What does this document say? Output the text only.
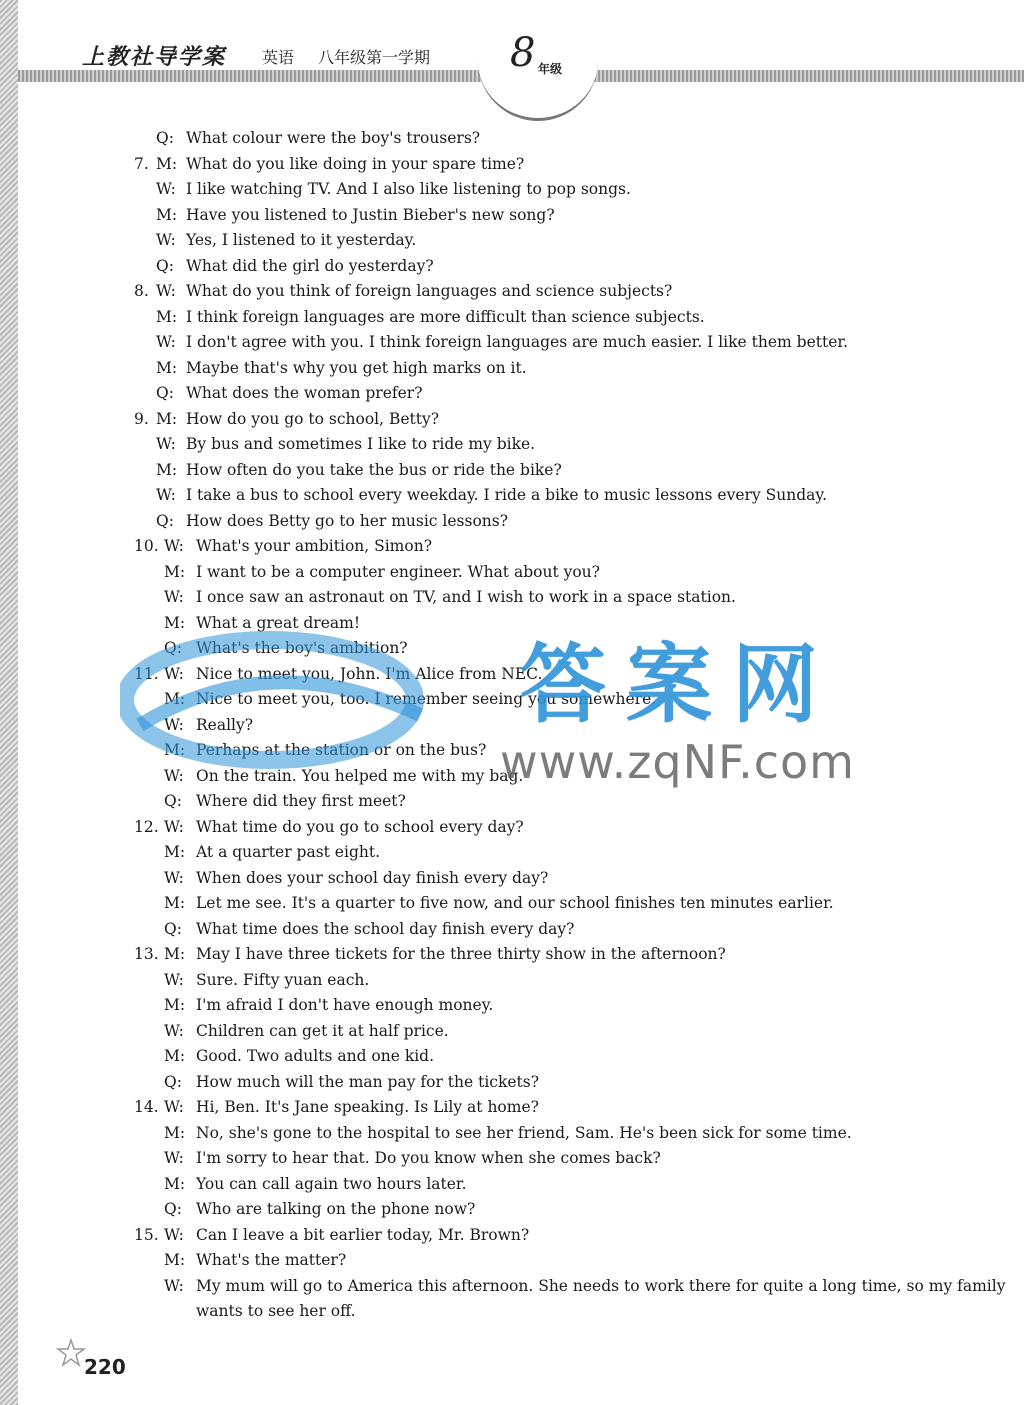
上教社导学案 英语 八年级第一学期 8 年级
Q: What colour were the boy's trousers?
7. M: What do you like doing in your spare time?
W: I like watching TV. And I also like listening to pop songs.
M: Have you listened to Justin Bieber's new song?
W: Yes, I listened to it yesterday.
Q: What did the girl do yesterday?
8. W: What do you think of foreign languages and science subjects?
M: I think foreign languages are more difficult than science subjects.
W: I don't agree with you. I think foreign languages are much easier. I like them better.
M: Maybe that's why you get high marks on it.
Q: What does the woman prefer?
9. M: How do you go to school, Betty?
W: By bus and sometimes I like to ride my bike.
M: How often do you take the bus or ride the bike?
W: I take a bus to school every weekday. I ride a bike to music lessons every Sunday.
Q: How does Betty go to her music lessons?
10. W: What's your ambition, Simon?
M: I want to be a computer engineer. What about you?
W: I once saw an astronaut on TV, and I wish to work in a space station.
M: What a great dream!
Q: What's the boy's ambition?
11. W: Nice to meet you, John. I'm Alice from NEC.
M: Nice to meet you, too. I remember seeing you somewhere.
W: Really?
M: Perhaps at the station or on the bus?
W: On the train. You helped me with my bag.
Q: Where did they first meet?
12. W: What time do you go to school every day?
M: At a quarter past eight.
W: When does your school day finish every day?
M: Let me see. It's a quarter to five now, and our school finishes ten minutes earlier.
Q: What time does the school day finish every day?
13. M: May I have three tickets for the three thirty show in the afternoon?
W: Sure. Fifty yuan each.
M: I'm afraid I don't have enough money.
W: Children can get it at half price.
M: Good. Two adults and one kid.
Q: How much will the man pay for the tickets?
14. W: Hi, Ben. It's Jane speaking. Is Lily at home?
M: No, she's gone to the hospital to see her friend, Sam. He's been sick for some time.
W: I'm sorry to hear that. Do you know when she comes back?
M: You can call again two hours later.
Q: Who are talking on the phone now?
15. W: Can I leave a bit earlier today, Mr. Brown?
M: What's the matter?
W: My mum will go to America this afternoon. She needs to work there for quite a long time, so my family
wants to see her off.
答案网
www.zqNF.com
220
